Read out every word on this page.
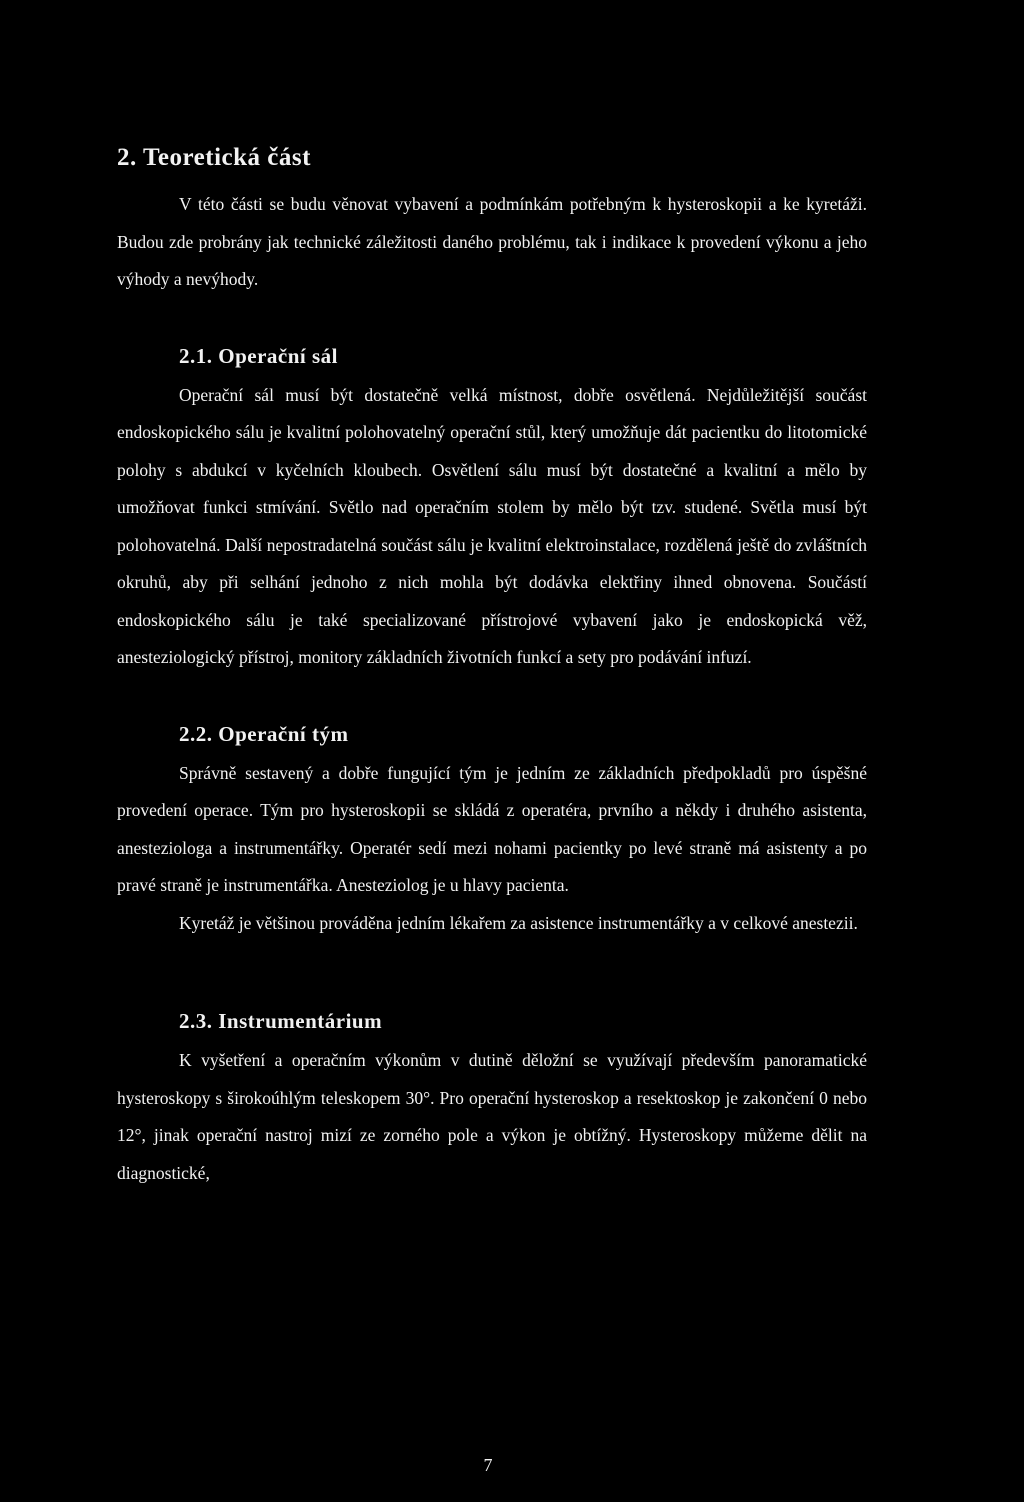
2. Teoretická část

V této části se budu věnovat vybavení a podmínkám potřebným k hysteroskopii a ke kyretáži. Budou zde probrány jak technické záležitosti daného problému, tak i indikace k provedení výkonu a jeho výhody a nevýhody.

2.1. Operační sál

Operační sál musí být dostatečně velká místnost, dobře osvětlená. Nejdůležitější součást endoskopického sálu je kvalitní polohovatelný operační stůl, který umožňuje dát pacientku do litotomické polohy s abdukcí v kyčelních kloubech. Osvětlení sálu musí být dostatečné a kvalitní a mělo by umožňovat funkci stmívání. Světlo nad operačním stolem by mělo být tzv. studené. Světla musí být polohovatelná. Další nepostradatelná součást sálu je kvalitní elektroinstalace, rozdělená ještě do zvláštních okruhů, aby při selhání jednoho z nich mohla být dodávka elektřiny ihned obnovena. Součástí endoskopického sálu je také specializované přístrojové vybavení jako je endoskopická věž, anesteziologický přístroj, monitory základních životních funkcí a sety pro podávání infuzí.

2.2. Operační tým

Správně sestavený a dobře fungující tým je jedním ze základních předpokladů pro úspěšné provedení operace. Tým pro hysteroskopii se skládá z operatéra, prvního a někdy i druhého asistenta, anesteziologa a instrumentářky. Operatér sedí mezi nohami pacientky po levé straně má asistenty a po pravé straně je instrumentářka. Anesteziolog je u hlavy pacienta.

Kyretáž je většinou prováděna jedním lékařem za asistence instrumentářky a v celkové anestezii.

2.3. Instrumentárium

K vyšetření a operačním výkonům v dutině děložní se využívají především panoramatické hysteroskopy s širokoúhlým teleskopem 30°. Pro operační hysteroskop a resektoskop je zakončení 0 nebo 12°, jinak operační nastroj mizí ze zorného pole a výkon je obtížný. Hysteroskopy můžeme dělit na diagnostické,

7
